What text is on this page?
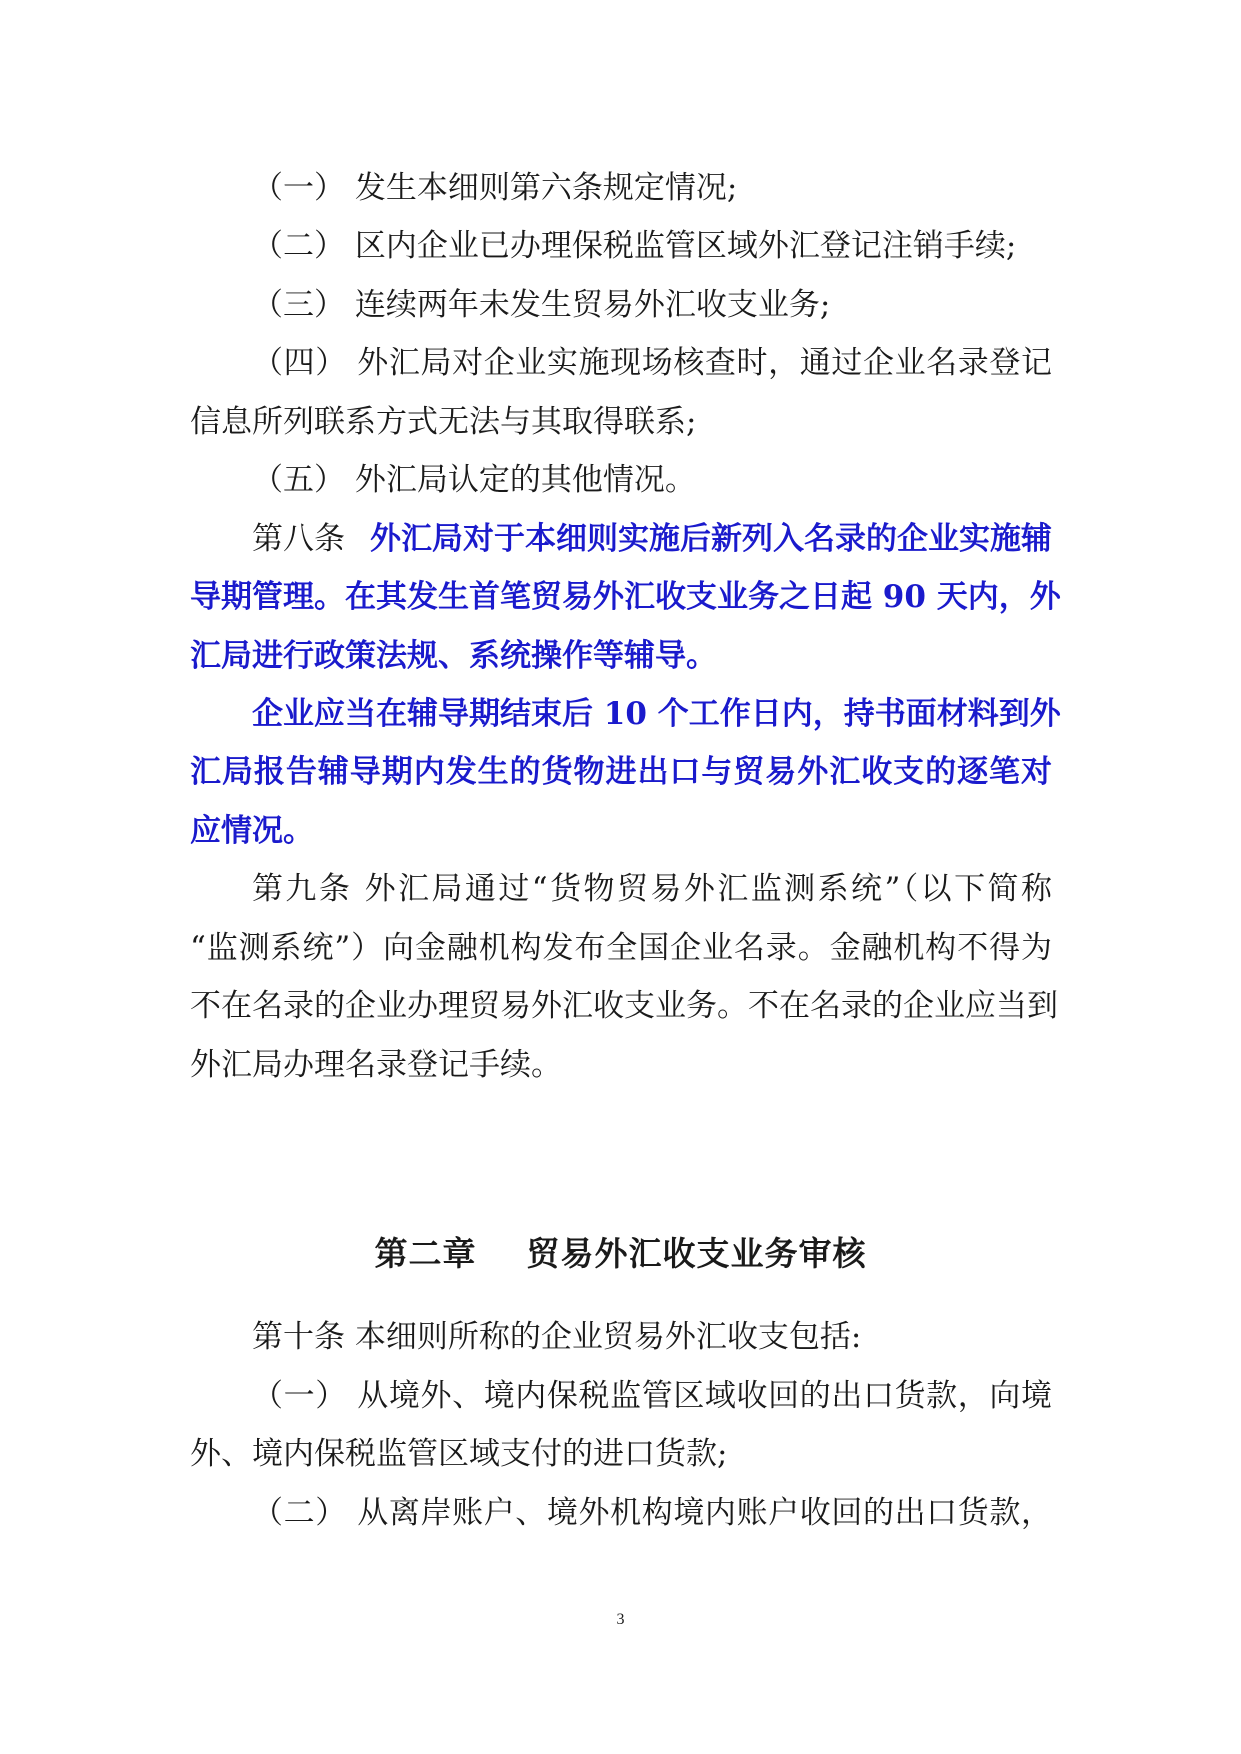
（一） 发生本细则第六条规定情况;
（二） 区内企业已办理保税监管区域外汇登记注销手续;
（三） 连续两年未发生贸易外汇收支业务;
（四） 外汇局对企业实施现场核查时，通过企业名录登记
信息所列联系方式无法与其取得联系;
（五） 外汇局认定的其他情况。
第八条 外汇局对于本细则实施后新列入名录的企业实施辅
导期管理。在其发生首笔贸易外汇收支业务之日起 90 天内，外
汇局进行政策法规、系统操作等辅导。
企业应当在辅导期结束后 10 个工作日内，持书面材料到外
汇局报告辅导期内发生的货物进出口与贸易外汇收支的逐笔对
应情况。
第九条 外汇局通过“货物贸易外汇监测系统”（以下简称
“监测系统”）向金融机构发布全国企业名录。金融机构不得为
不在名录的企业办理贸易外汇收支业务。不在名录的企业应当到
外汇局办理名录登记手续。
第二章    贸易外汇收支业务审核
第十条 本细则所称的企业贸易外汇收支包括:
（一） 从境外、境内保税监管区域收回的出口货款，向境
外、境内保税监管区域支付的进口货款;
（二） 从离岸账户、境外机构境内账户收回的出口货款，
3
